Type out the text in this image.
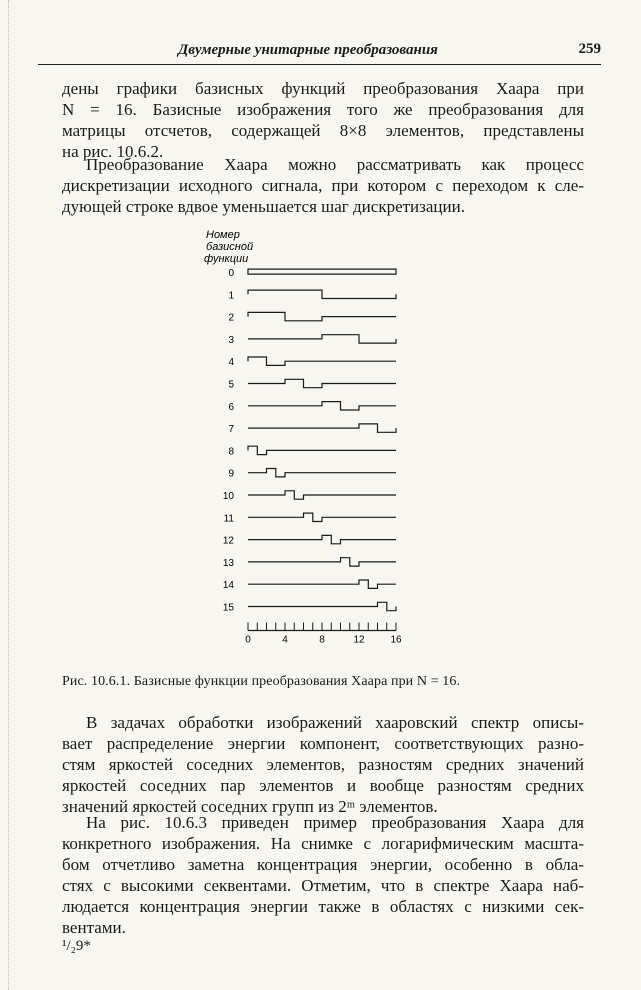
Двумерные унитарные преобразования	259
дены графики базисных функций преобразования Хаара при
N = 16. Базисные изображения того же преобразования для
матрицы отсчетов, содержащей 8×8 элементов, представлены
на рис. 10.6.2.
Преобразование Хаара можно рассматривать как процесс
дискретизации исходного сигнала, при котором с переходом к сле-
дующей строке вдвое уменьшается шаг дискретизации.
Номер
базисной
функции
0
1
2
3
4
5
6
7
8
9
10
11
12
13
14
15
0	4	8	12	16
Рис. 10.6.1. Базисные функции преобразования Хаара при N = 16.
В задачах обработки изображений хааровский спектр описы-
вает распределение энергии компонент, соответствующих разно-
стям яркостей соседних элементов, разностям средних значений
яркостей соседних пар элементов и вообще разностям средних
значений яркостей соседних групп из 2ᵐ элементов.
На рис. 10.6.3 приведен пример преобразования Хаара для
конкретного изображения. На снимке с логарифмическим масшта-
бом отчетливо заметна концентрация энергии, особенно в обла-
стях с высокими секвентами. Отметим, что в спектре Хаара наб-
людается концентрация энергии также в областях с низкими сек-
вентами.
¹/₂9*
